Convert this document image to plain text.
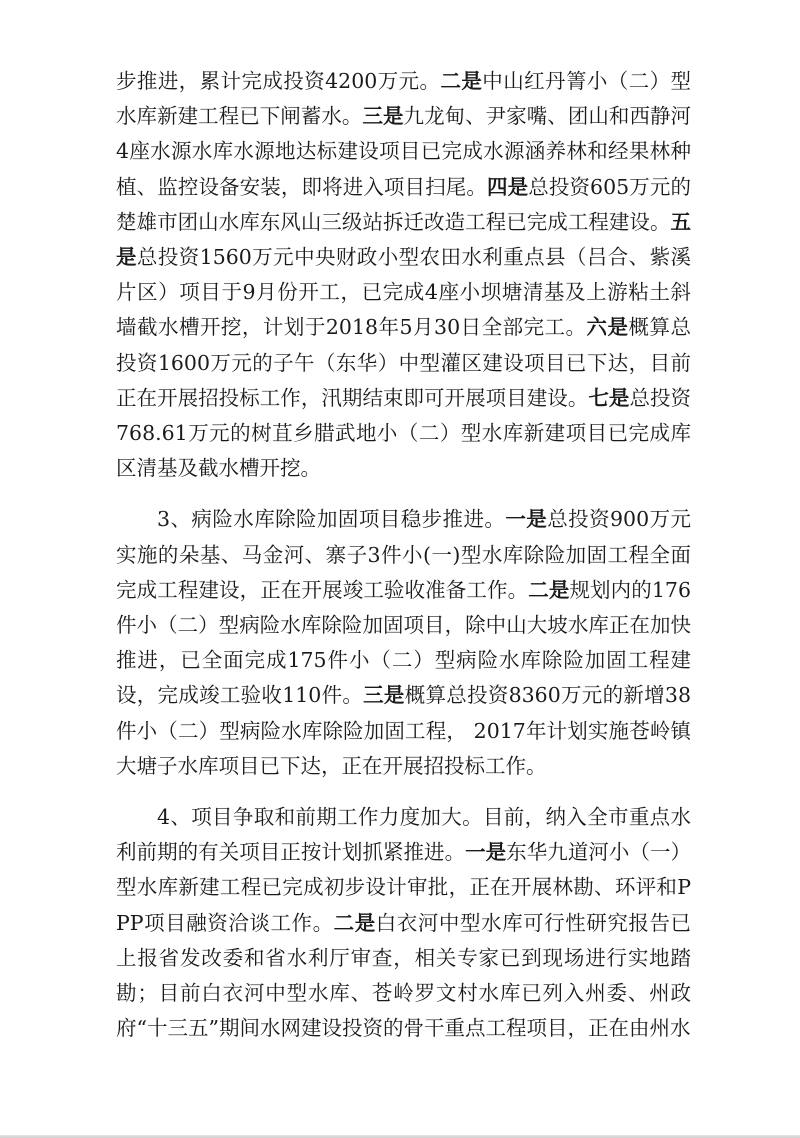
步推进，累计完成投资4200万元。二是中山红丹箐小（二）型水库新建工程已下闸蓄水。三是九龙甸、尹家嘴、团山和西静河4座水源水库水源地达标建设项目已完成水源涵养林和经果林种植、监控设备安装，即将进入项目扫尾。四是总投资605万元的楚雄市团山水库东风山三级站拆迁改造工程已完成工程建设。五是总投资1560万元中央财政小型农田水利重点县（吕合、紫溪片区）项目于9月份开工，已完成4座小坝塘清基及上游粘土斜墙截水槽开挖，计划于2018年5月30日全部完工。六是概算总投资1600万元的子午（东华）中型灌区建设项目已下达，目前正在开展招投标工作，汛期结束即可开展项目建设。七是总投资768.61万元的树苴乡腊武地小（二）型水库新建项目已完成库区清基及截水槽开挖。

3、病险水库除险加固项目稳步推进。一是总投资900万元实施的朵基、马金河、寨子3件小(一)型水库除险加固工程全面完成工程建设，正在开展竣工验收准备工作。二是规划内的176件小（二）型病险水库除险加固项目，除中山大坡水库正在加快推进，已全面完成175件小（二）型病险水库除险加固工程建设，完成竣工验收110件。三是概算总投资8360万元的新增38件小（二）型病险水库除险加固工程， 2017年计划实施苍岭镇大塘子水库项目已下达，正在开展招投标工作。

4、项目争取和前期工作力度加大。目前，纳入全市重点水利前期的有关项目正按计划抓紧推进。一是东华九道河小（一）型水库新建工程已完成初步设计审批，正在开展林勘、环评和PPP项目融资洽谈工作。二是白衣河中型水库可行性研究报告已上报省发改委和省水利厅审查，相关专家已到现场进行实地踏勘；目前白衣河中型水库、苍岭罗文村水库已列入州委、州政府“十三五”期间水网建设投资的骨干重点工程项目，正在由州水
